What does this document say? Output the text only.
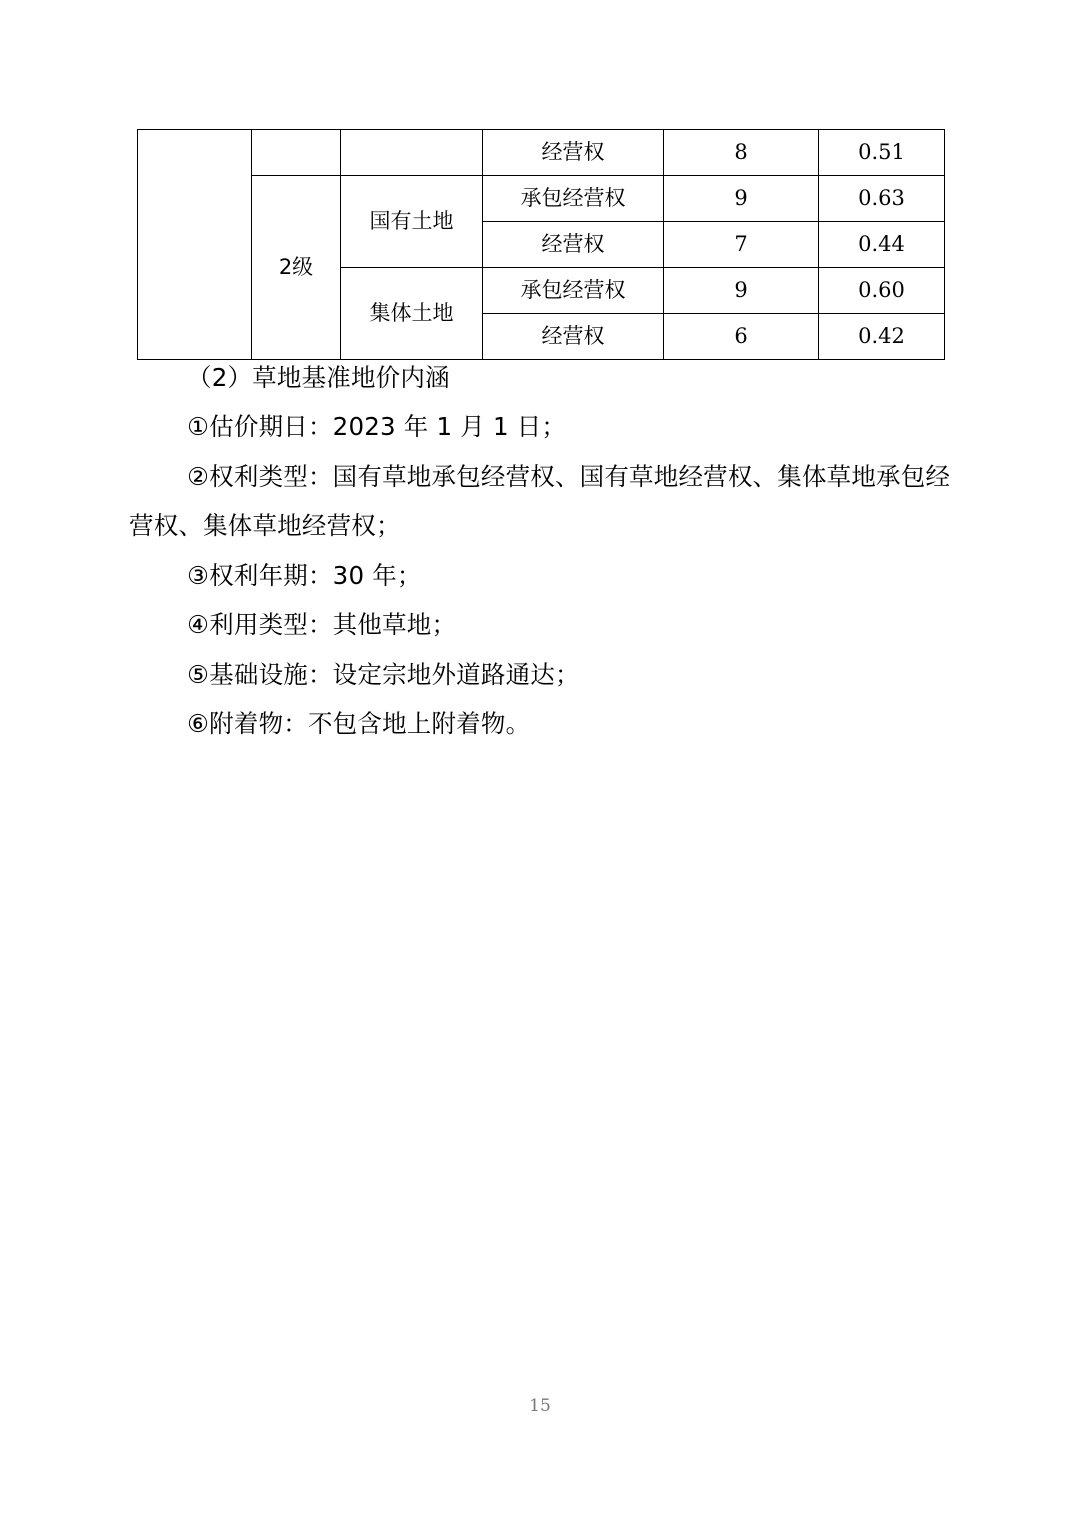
			经营权	8	0.51
	2级	国有土地	承包经营权	9	0.63
			经营权	7	0.44
		集体土地	承包经营权	9	0.60
			经营权	6	0.42
（2）草地基准地价内涵
①估价期日：2023 年 1 月 1 日；
②权利类型：国有草地承包经营权、国有草地经营权、集体草地承包经
营权、集体草地经营权；
③权利年期：30 年；
④利用类型：其他草地；
⑤基础设施：设定宗地外道路通达；
⑥附着物：不包含地上附着物。
15
